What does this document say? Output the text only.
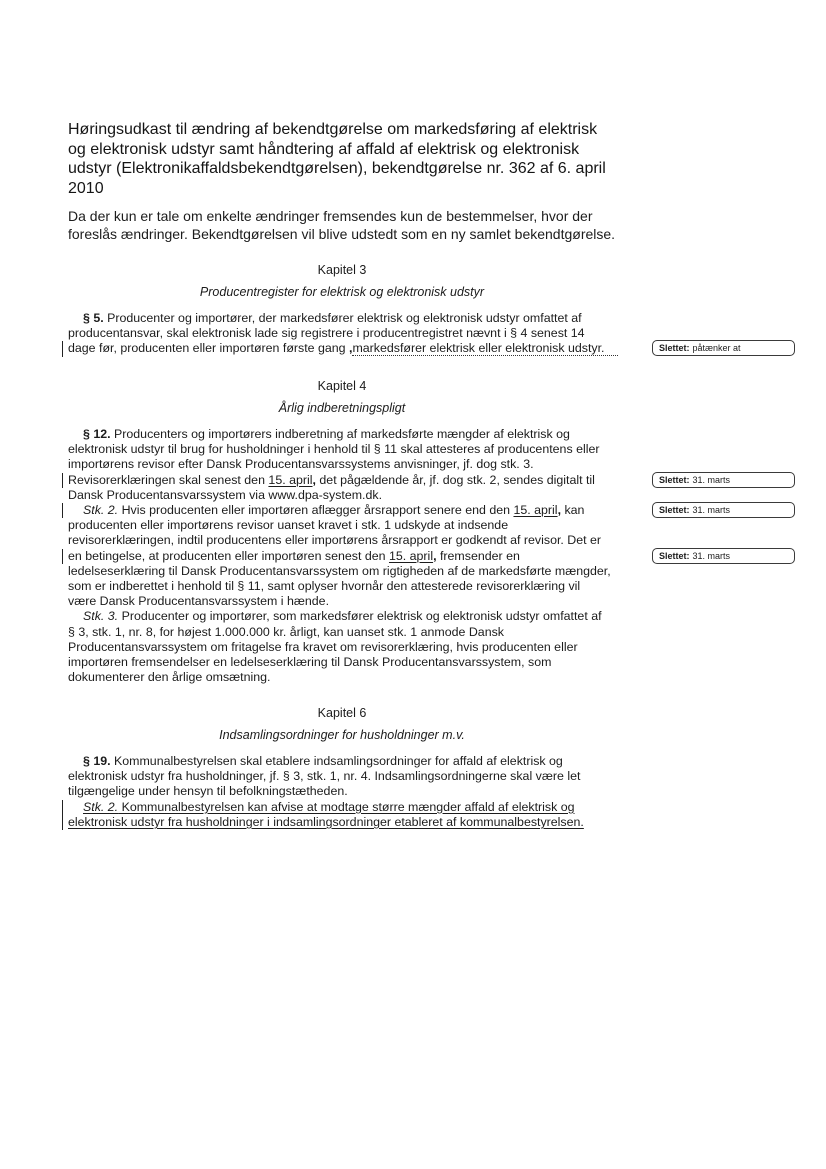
Høringsudkast til ændring af bekendtgørelse om markedsføring af elektrisk
og elektronisk udstyr samt håndtering af affald af elektrisk og elektronisk
udstyr (Elektronikaffaldsbekendtgørelsen), bekendtgørelse nr. 362 af 6. april
2010
Da der kun er tale om enkelte ændringer fremsendes kun de bestemmelser, hvor der
foreslås ændringer. Bekendtgørelsen vil blive udstedt som en ny samlet bekendtgørelse.
Kapitel 3
Producentregister for elektrisk og elektronisk udstyr
§ 5. Producenter og importører, der markedsfører elektrisk og elektronisk udstyr omfattet af
producentansvar, skal elektronisk lade sig registrere i producentregistret nævnt i § 4 senest 14
dage før, producenten eller importøren første gang ,markedsfører elektrisk eller elektronisk udstyr.	Slettet: påtænker at
Kapitel 4
Årlig indberetningspligt
§ 12. Producenters og importørers indberetning af markedsførte mængder af elektrisk og
elektronisk udstyr til brug for husholdninger i henhold til § 11 skal attesteres af producentens eller
importørens revisor efter Dansk Producentansvarssystems anvisninger, jf. dog stk. 3.
Revisorerklæringen skal senest den 15. april, det pågældende år, jf. dog stk. 2, sendes digitalt til	Slettet: 31. marts
Dansk Producentansvarssystem via www.dpa-system.dk.
Stk. 2. Hvis producenten eller importøren aflægger årsrapport senere end den 15. april, kan	Slettet: 31. marts
producenten eller importørens revisor uanset kravet i stk. 1 udskyde at indsende
revisorerklæringen, indtil producentens eller importørens årsrapport er godkendt af revisor. Det er
en betingelse, at producenten eller importøren senest den 15. april, fremsender en	Slettet: 31. marts
ledelseserklæring til Dansk Producentansvarssystem om rigtigheden af de markedsførte mængder,
som er indberettet i henhold til § 11, samt oplyser hvornår den attesterede revisorerklæring vil
være Dansk Producentansvarssystem i hænde.
Stk. 3. Producenter og importører, som markedsfører elektrisk og elektronisk udstyr omfattet af
§ 3, stk. 1, nr. 8, for højest 1.000.000 kr. årligt, kan uanset stk. 1 anmode Dansk
Producentansvarssystem om fritagelse fra kravet om revisorerklæring, hvis producenten eller
importøren fremsendelser en ledelseserklæring til Dansk Producentansvarssystem, som
dokumenterer den årlige omsætning.
Kapitel 6
Indsamlingsordninger for husholdninger m.v.
§ 19. Kommunalbestyrelsen skal etablere indsamlingsordninger for affald af elektrisk og
elektronisk udstyr fra husholdninger, jf. § 3, stk. 1, nr. 4. Indsamlingsordningerne skal være let
tilgængelige under hensyn til befolkningstætheden.
Stk. 2. Kommunalbestyrelsen kan afvise at modtage større mængder affald af elektrisk og
elektronisk udstyr fra husholdninger i indsamlingsordninger etableret af kommunalbestyrelsen.
